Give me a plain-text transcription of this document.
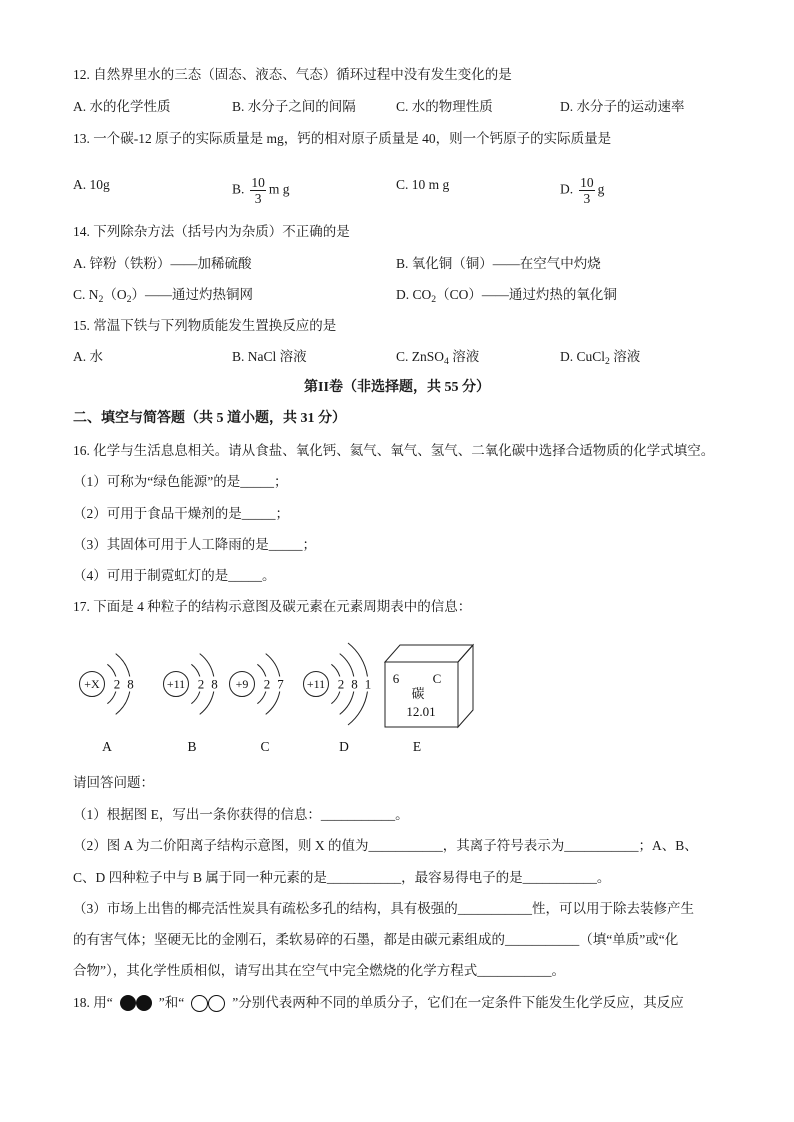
12. 自然界里水的三态（固态、液态、气态）循环过程中没有发生变化的是
A. 水的化学性质	B. 水分子之间的间隔	C. 水的物理性质	D. 水分子的运动速率
13. 一个碳-12 原子的实际质量是 mg，钙的相对原子质量是 40，则一个钙原子的实际质量是
A. 10g	B. $\frac{10}{3}$ m g	C. 10 m g	D. $\frac{10}{3}$ g
14. 下列除杂方法（括号内为杂质）不正确的是
A. 锌粉（铁粉）——加稀硫酸	B. 氧化铜（铜）——在空气中灼烧
C. $N_2(O_2)——$通过灼热铜网	D. $CO_2(CO)——$通过灼热的氧化铜
15. 常温下铁与下列物质能发生置换反应的是
A. 水	B. NaCl 溶液	C. ZnSO$_4$ 溶液	D. CuCl$_2$ 溶液
第II卷（非选择题，共 55 分）
二、填空与简答题（共 5 道小题，共 31 分）
16. 化学与生活息息相关。请从食盐、氧化钙、氦气、氧气、氢气、二氧化碳中选择合适物质的化学式填空。
（1）可称为“绿色能源”的是_____；
（2）可用于食品干燥剂的是_____；
（3）其固体可用于人工降雨的是_____；
（4）可用于制霓虹灯的是_____。
17. 下面是 4 种粒子的结构示意图及碳元素在元素周期表中的信息：
+X 2 8
A
+11 2 8
B
+9 2 7
C
+11 2 8 1
D
6	C
碳
12.01
E
请回答问题：
（1）根据图 E，写出一条你获得的信息：___________。
（2）图 A 为二价阳离子结构示意图，则 X 的值为___________，其离子符号表示为___________；A、B、
C、D 四种粒子中与 B 属于同一种元素的是___________，最容易得电子的是___________。
（3）市场上出售的椰壳活性炭具有疏松多孔的结构，具有极强的___________性，可以用于除去装修产生
的有害气体；坚硬无比的金刚石，柔软易碎的石墨，都是由碳元素组成的___________（填“单质”或“化
合物”），其化学性质相似，请写出其在空气中完全燃烧的化学方程式___________。
18. 用“	”和“	”分别代表两种不同的单质分子，它们在一定条件下能发生化学反应，其反应
